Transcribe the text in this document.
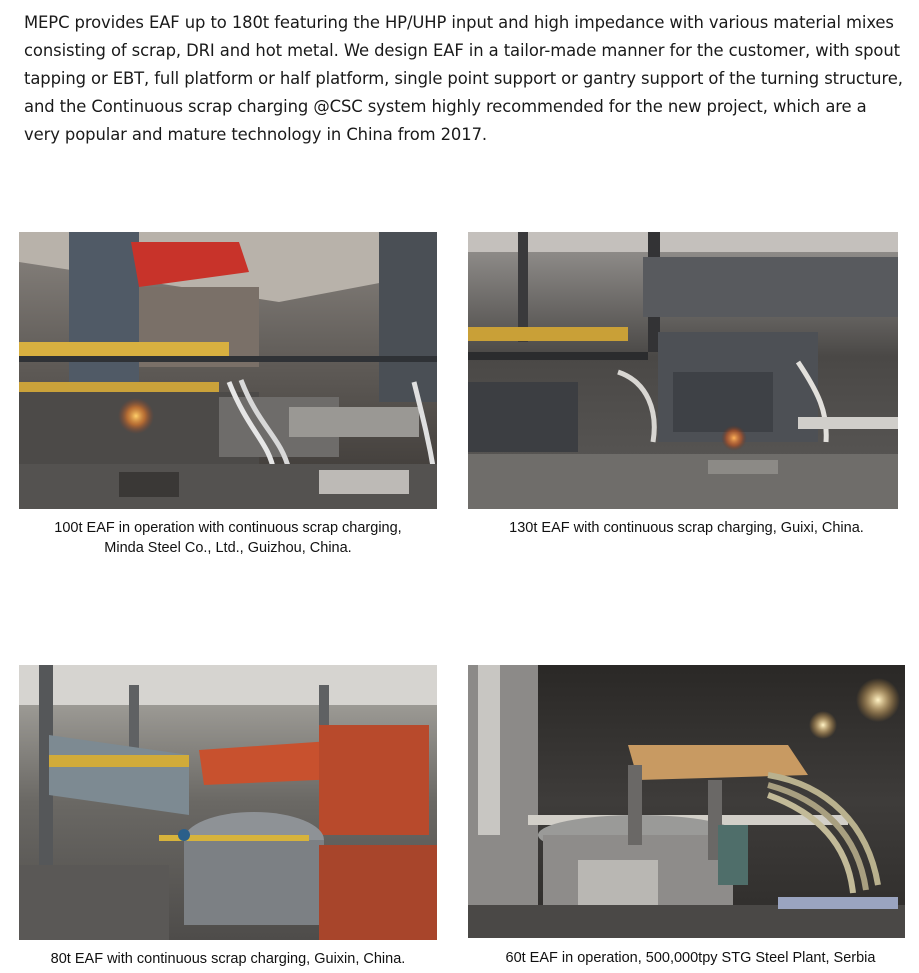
MEPC provides EAF up to 180t featuring the HP/UHP input and high impedance with various material mixes consisting of scrap, DRI and hot metal. We design EAF in a tailor-made manner for the customer, with spout tapping or EBT, full platform or half platform, single point support or gantry support of the turning structure, and the Continuous scrap charging @CSC system highly recommended for the new project, which are a very popular and mature technology in China from 2017.

100t EAF in operation with continuous scrap charging,
Minda Steel Co., Ltd., Guizhou, China.
130t EAF with continuous scrap charging, Guixi, China.
80t EAF with continuous scrap charging, Guixin, China.	60t EAF in operation, 500,000tpy STG Steel Plant, Serbia
